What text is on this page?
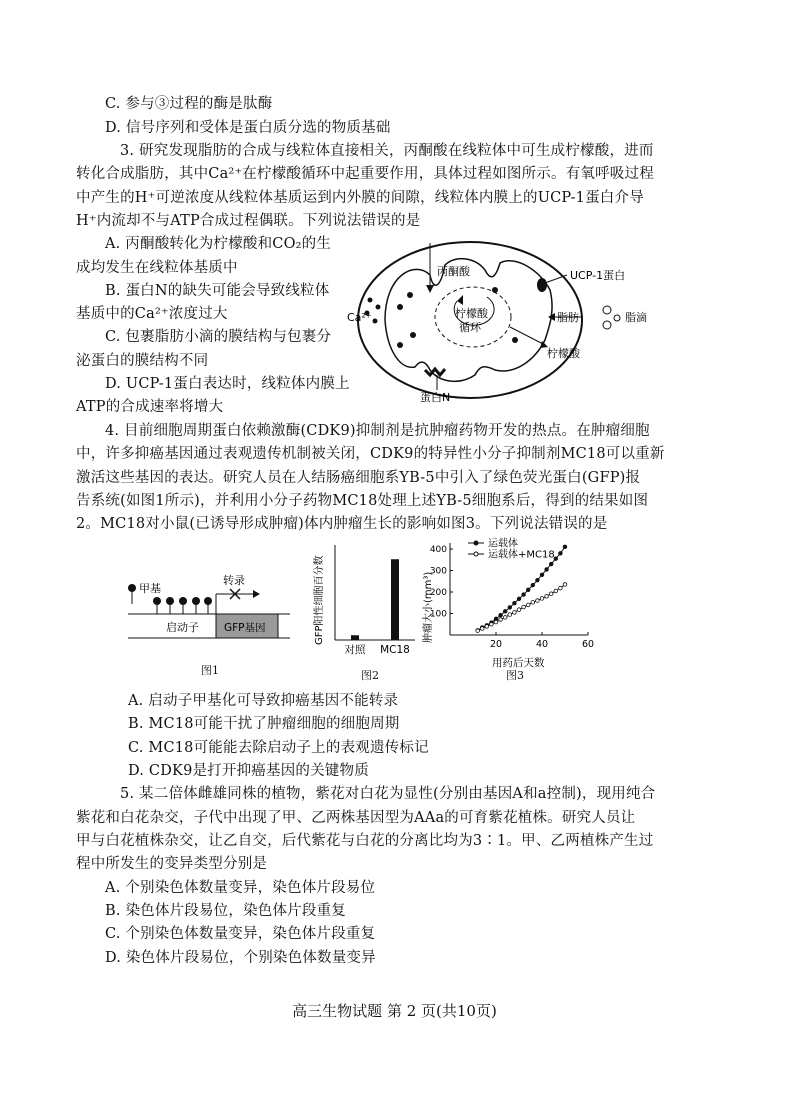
C. 参与③过程的酶是肽酶
D. 信号序列和受体是蛋白质分选的物质基础
3. 研究发现脂肪的合成与线粒体直接相关，丙酮酸在线粒体中可生成柠檬酸，进而
转化合成脂肪，其中Ca²⁺在柠檬酸循环中起重要作用，具体过程如图所示。有氧呼吸过程
中产生的H⁺可逆浓度从线粒体基质运到内外膜的间隙，线粒体内膜上的UCP-1蛋白介导
H⁺内流却不与ATP合成过程偶联。下列说法错误的是
A. 丙酮酸转化为柠檬酸和CO₂的生
成均发生在线粒体基质中
B. 蛋白N的缺失可能会导致线粒体
基质中的Ca²⁺浓度过大
C. 包裹脂肪小滴的膜结构与包裹分
泌蛋白的膜结构不同
D. UCP-1蛋白表达时，线粒体内膜上
ATP的合成速率将增大
丙酮酸	UCP-1蛋白
Ca²⁺	柠檬酸
循环
脂肪	脂滴
柠檬酸
蛋白N
4. 目前细胞周期蛋白依赖激酶(CDK9)抑制剂是抗肿瘤药物开发的热点。在肿瘤细胞
中，许多抑癌基因通过表观遗传机制被关闭，CDK9的特异性小分子抑制剂MC18可以重新
激活这些基因的表达。研究人员在人结肠癌细胞系YB-5中引入了绿色荧光蛋白(GFP)报
告系统(如图1所示)，并利用小分子药物MC18处理上述YB-5细胞系后，得到的结果如图
2。MC18对小鼠(已诱导形成肿瘤)体内肿瘤生长的影响如图3。下列说法错误的是
甲基
转录
启动子 GFP基因
图1
对照 MC18
GFP阳性细胞百分数
图2
100
200
300
400
20	40	60
运载体
运载体+MC18
肿瘤大小(mm³)
用药后天数
图3
A. 启动子甲基化可导致抑癌基因不能转录
B. MC18可能干扰了肿瘤细胞的细胞周期
C. MC18可能能去除启动子上的表观遗传标记
D. CDK9是打开抑癌基因的关键物质
5. 某二倍体雌雄同株的植物，紫花对白花为显性(分别由基因A和a控制)，现用纯合
紫花和白花杂交，子代中出现了甲、乙两株基因型为AAa的可育紫花植株。研究人员让
甲与白花植株杂交，让乙自交，后代紫花与白花的分离比均为3∶1。甲、乙两植株产生过
程中所发生的变异类型分别是
A. 个别染色体数量变异，染色体片段易位
B. 染色体片段易位，染色体片段重复
C. 个别染色体数量变异，染色体片段重复
D. 染色体片段易位，个别染色体数量变异
高三生物试题 第 2 页(共10页)
